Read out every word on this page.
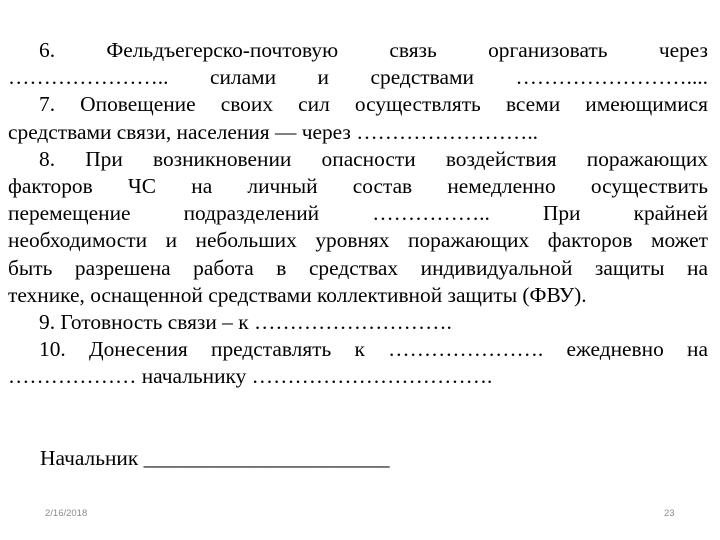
6. Фельдъегерско-почтовую связь организовать через
………………….. силами и средствами ……………………....
7. Оповещение своих сил осуществлять всеми имеющимися
средствами связи, населения — через ……………………..
8. При возникновении опасности воздействия поражающих
факторов ЧС на личный состав немедленно осуществить
перемещение подразделений …………….. При крайней
необходимости и небольших уровнях поражающих факторов может
быть разрешена работа в средствах индивидуальной защиты на
технике, оснащенной средствами коллективной защиты (ФВУ).
9. Готовность связи – к ……………………….
10. Донесения представлять к …………………. ежедневно на
……………… начальнику …………………………….
Начальник _______________________
2/16/2018	23
